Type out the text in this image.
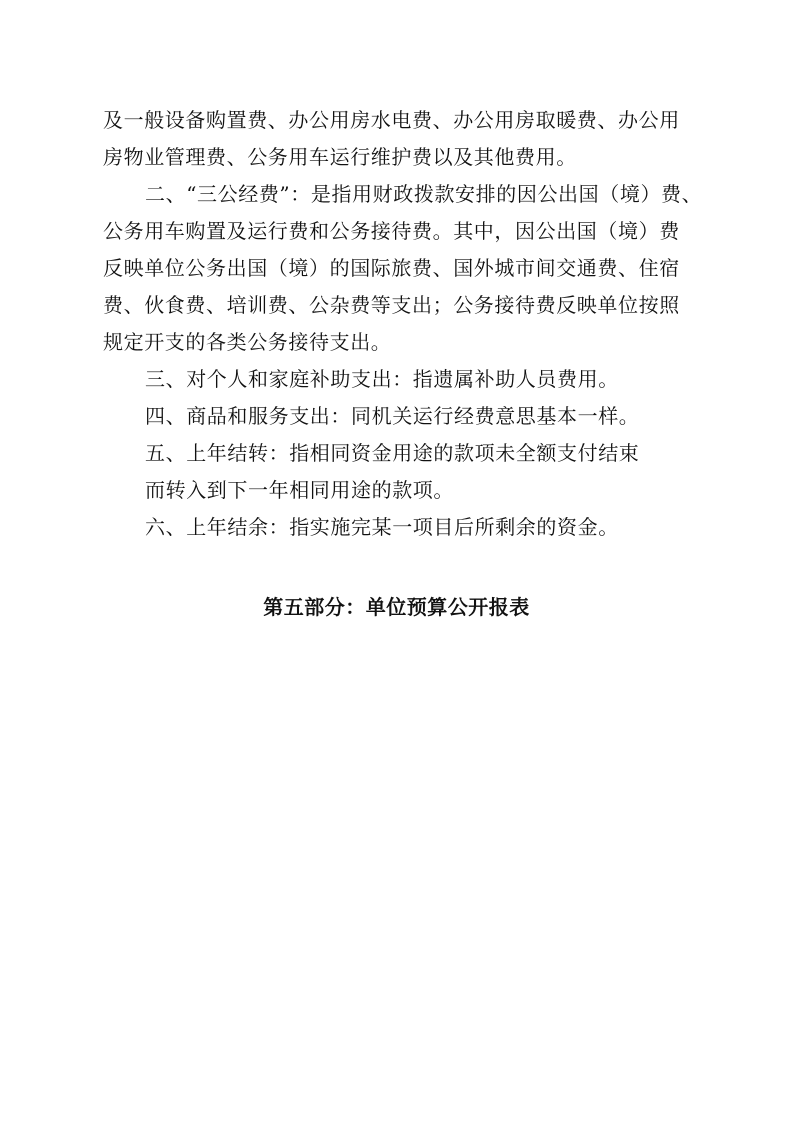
及一般设备购置费、办公用房水电费、办公用房取暖费、办公用
房物业管理费、公务用车运行维护费以及其他费用。
二、“三公经费”：是指用财政拨款安排的因公出国（境）费、
公务用车购置及运行费和公务接待费。其中，因公出国（境）费
反映单位公务出国（境）的国际旅费、国外城市间交通费、住宿
费、伙食费、培训费、公杂费等支出；公务接待费反映单位按照
规定开支的各类公务接待支出。
三、对个人和家庭补助支出：指遗属补助人员费用。
四、商品和服务支出：同机关运行经费意思基本一样。
五、上年结转：指相同资金用途的款项未全额支付结束
而转入到下一年相同用途的款项。
六、上年结余：指实施完某一项目后所剩余的资金。
第五部分：单位预算公开报表
